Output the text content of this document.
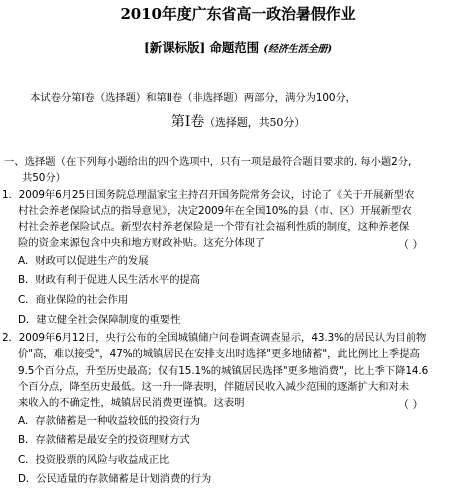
2010年度广东省高一政治暑假作业
[新课标版] 命题范围 (经济生活全册)
本试卷分第Ⅰ卷（选择题）和第Ⅱ卷（非选择题）两部分，满分为100分，
第Ⅰ卷（选择题，共50分）
一、选择题（在下列每小题给出的四个选项中，只有一项是最符合题目要求的. 每小题2分,
共50分）
1．2009年6月25日国务院总理温家宝主持召开国务院常务会议，讨论了《关于开展新型农
村社会养老保险试点的指导意见》，决定2009年在全国10%的县（市、区）开展新型农
村社会养老保险试点。新型农村养老保险是一个带有社会福利性质的制度，这种养老保
险的资金来源包含中央和地方财政补贴。这充分体现了	（ ）
A．财政可以促进生产的发展
B．财政有利于促进人民生活水平的提高
C．商业保险的社会作用
D．建立健全社会保障制度的重要性
2．2009年6月12日，央行公布的全国城镇储户问卷调查调查显示，43.3%的居民认为目前物
价"高，难以接受"，47%的城镇居民在安排支出时选择"更多地储蓄"，此比例比上季提高
9.5个百分点，升至历史最高；仅有15.1%的城镇居民选择"更多地消费"，比上季下降14.6
个百分点，降至历史最低。这一升一降表明，伴随居民收入减少范围的逐渐扩大和对未
来收入的不确定性，城镇居民消费更谨慎。这表明	（ ）
A．存款储蓄是一种收益较低的投资行为
B．存款储蓄是最安全的投资理财方式
C．投资股票的风险与收益成正比
D．公民适量的存款储蓄是计划消费的行为
